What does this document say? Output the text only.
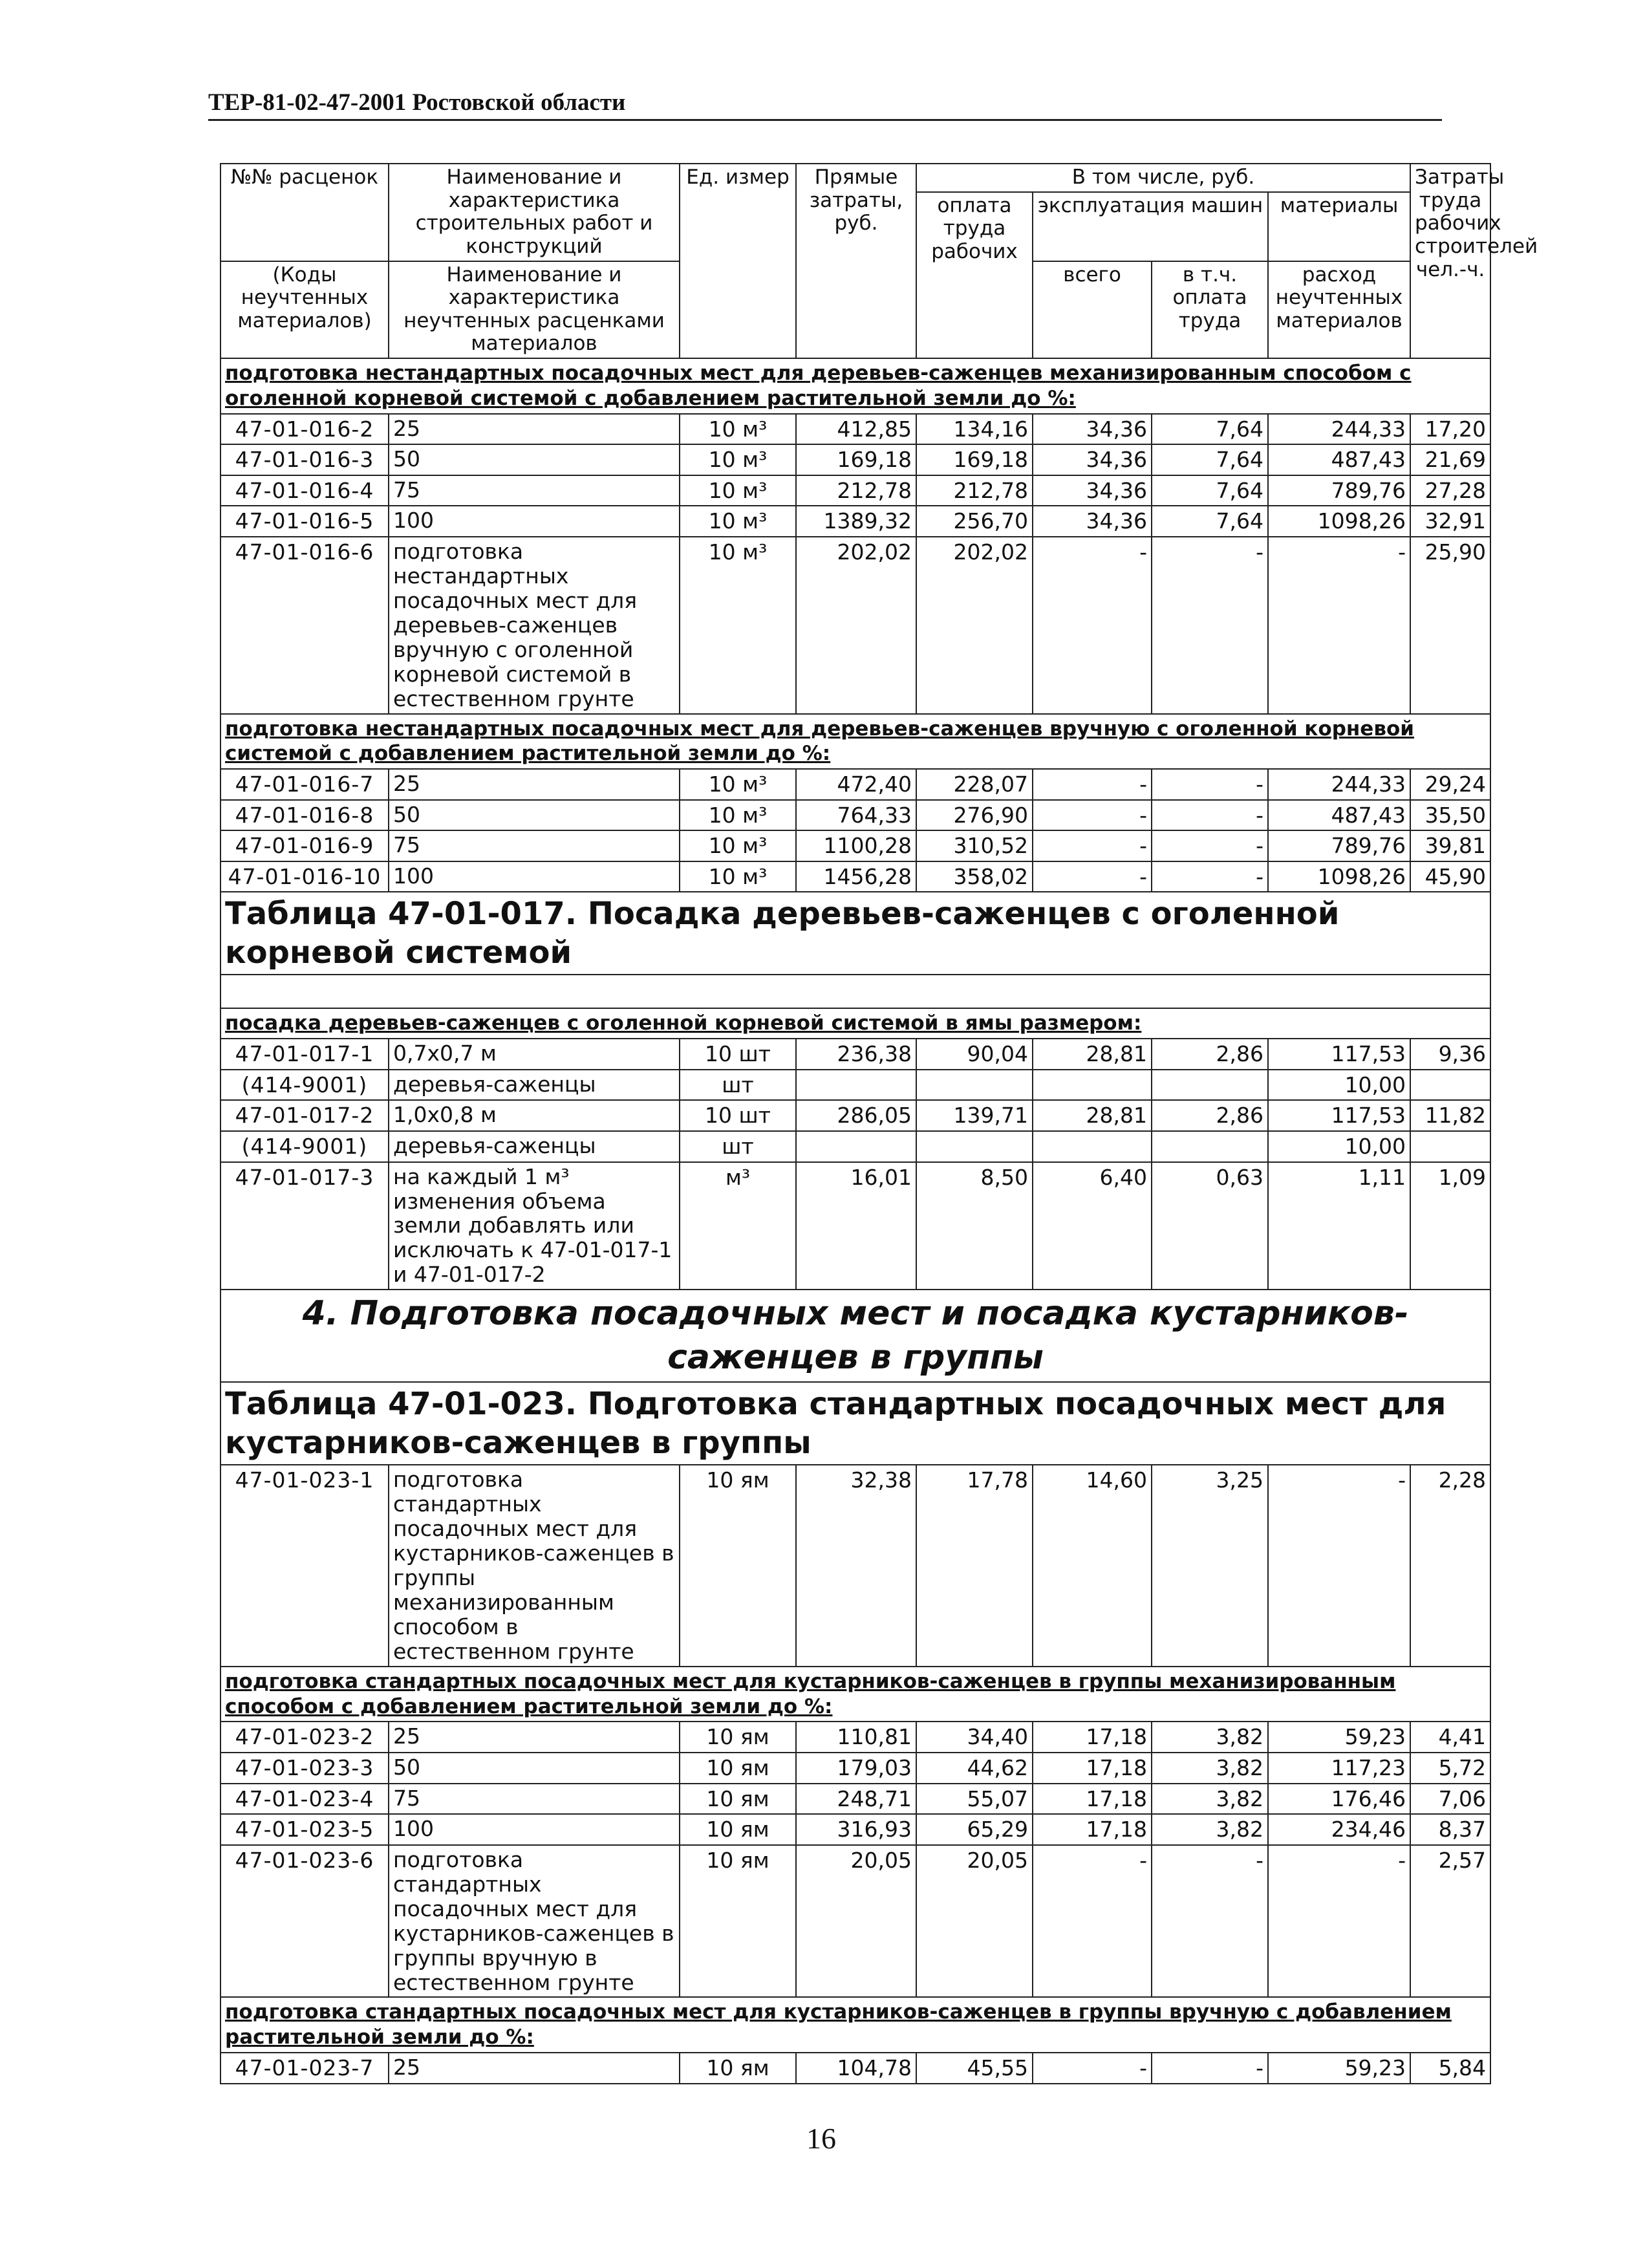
ТЕР-81-02-47-2001 Ростовской области
№№ расценок	Наименование и характеристика строительных работ и конструкций	Ед. измер	Прямые затраты, руб.	В том числе, руб.				Затраты труда рабочих строителей чел.-ч.
				оплата труда рабочих	эксплуатация машин		материалы	
(Коды неучтенных материалов)	Наименование и характеристика неучтенных расценками материалов				всего	в т.ч. оплата труда	расход неучтенных материалов	

подготовка нестандартных посадочных мест для деревьев-саженцев механизированным способом с оголенной корневой системой с добавлением растительной земли до %:								
47-01-016-2	25	10 м³	412,85	134,16	34,36	7,64	244,33	17,20
47-01-016-3	50	10 м³	169,18	169,18	34,36	7,64	487,43	21,69
47-01-016-4	75	10 м³	212,78	212,78	34,36	7,64	789,76	27,28
47-01-016-5	100	10 м³	1389,32	256,70	34,36	7,64	1098,26	32,91
47-01-016-6	подготовка нестандартных посадочных мест для деревьев-саженцев вручную с оголенной корневой системой в естественном грунте	10 м³	202,02	202,02	-	-	-	25,90
подготовка нестандартных посадочных мест для деревьев-саженцев вручную с оголенной корневой системой с добавлением растительной земли до %:								
47-01-016-7	25	10 м³	472,40	228,07	-	-	244,33	29,24
47-01-016-8	50	10 м³	764,33	276,90	-	-	487,43	35,50
47-01-016-9	75	10 м³	1100,28	310,52	-	-	789,76	39,81
47-01-016-10	100	10 м³	1456,28	358,02	-	-	1098,26	45,90
Таблица 47-01-017. Посадка деревьев-саженцев с оголенной корневой системой								

посадка деревьев-саженцев с оголенной корневой системой в ямы размером:								
47-01-017-1	0,7x0,7 м	10 шт	236,38	90,04	28,81	2,86	117,53	9,36
(414-9001)	деревья-саженцы	шт					10,00	
47-01-017-2	1,0x0,8 м	10 шт	286,05	139,71	28,81	2,86	117,53	11,82
(414-9001)	деревья-саженцы	шт					10,00	
47-01-017-3	на каждый 1 м³ изменения объема земли добавлять или исключать к 47-01-017-1 и 47-01-017-2	м³	16,01	8,50	6,40	0,63	1,11	1,09
4. Подготовка посадочных мест и посадка кустарников-саженцев в группы								
Таблица 47-01-023. Подготовка стандартных посадочных мест для кустарников-саженцев в группы								
47-01-023-1	подготовка стандартных посадочных мест для кустарников-саженцев в группы механизированным способом в естественном грунте	10 ям	32,38	17,78	14,60	3,25	-	2,28
подготовка стандартных посадочных мест для кустарников-саженцев в группы механизированным способом с добавлением растительной земли до %:								
47-01-023-2	25	10 ям	110,81	34,40	17,18	3,82	59,23	4,41
47-01-023-3	50	10 ям	179,03	44,62	17,18	3,82	117,23	5,72
47-01-023-4	75	10 ям	248,71	55,07	17,18	3,82	176,46	7,06
47-01-023-5	100	10 ям	316,93	65,29	17,18	3,82	234,46	8,37
47-01-023-6	подготовка стандартных посадочных мест для кустарников-саженцев в группы вручную в естественном грунте	10 ям	20,05	20,05	-	-	-	2,57
подготовка стандартных посадочных мест для кустарников-саженцев в группы вручную с добавлением растительной земли до %:								
47-01-023-7	25	10 ям	104,78	45,55	-	-	59,23	5,84
16
